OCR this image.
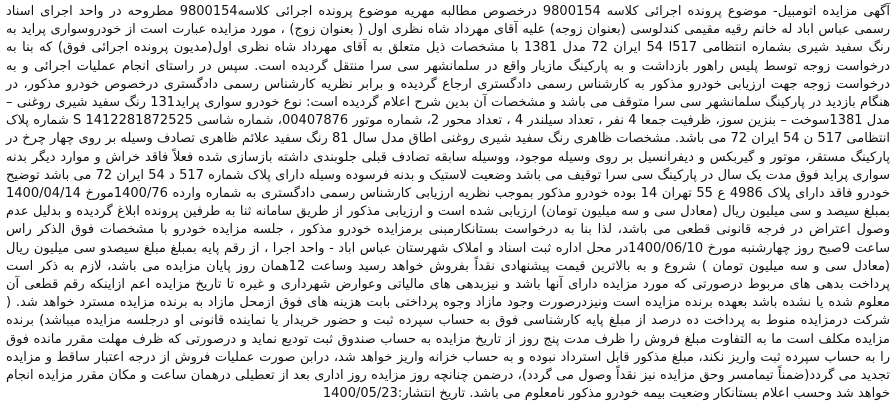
آگهی مزایده اتومبیل- موضوع پرونده اجرائی کلاسه 9800154 درخصوص مطالبه مهریه موضوع پرونده اجرائی کلاسه9800154 مطروحه در واحد اجرای اسناد رسمی عباس اباد له خانم رقیه مقیمی کندلوسی (بعنوان زوجه) علیه آقای مهرداد شاه نظری اول ( بعنوان زوج) ، مورد مزایده عبارت است از خودروسواری پراید به رنگ سفید شیری بشماره انتظامی 517ا 54 ایران 72 مدل 1381 با مشخصات ذیل متعلق به آقای مهرداد شاه نظری اول(مدیون پرونده اجرائی فوق) که بنا به درخواست زوجه توسط پلیس راهور بازداشت و به پارکینگ مازیار واقع در سلمانشهر سی سرا منتقل گردیده است. سپس در راستای انجام عملیات اجرائی و به درخواست زوجه جهت ارزیابی خودرو مذکور به کارشناس رسمی دادگستری ارجاع گردیده و برابر نظریه کارشناس رسمی دادگستری درخصوص خودرو مذکور، در هنگام بازدید در پارکینگ سلمانشهر سی سرا متوقف می باشد و مشخصات آن بدین شرح اعلام گردیده است: نوع خودرو سواری پراید131 رنگ سفید شیری روغنی – مدل 1381سوخت – بنزین سوز، ظرفیت جمعا 4 نفر ، تعداد سیلندر 4 ، تعداد محور 2، شماره موتور 00407876، شماره شاسی S 1412281872525 شماره پلاک انتظامی 517 ن 54 ایران 72 می باشد. مشخصات ظاهری رنگ سفید شیری روغنی اطاق مدل سال 81 رنگ سفید علائم ظاهری تصادف وسیله بر روی چهار چرخ در پارکینگ مستقر، موتور و گیربکس و دیفرانسیل بر روی وسیله موجود، ووسیله سابقه تصادف قبلی جلوبندی داشته بازسازی شده فعلاً فاقد خراش و موارد دیگر بدنه سواری پراید فوق مدت یک سال در پارکینگ سی سرا توقیف می باشد وضعیت لاستیک و بدنه فرسوده وسیله دارای پلاک شماره 517 د 54 ایران 72 می باشد توضیح خودرو فاقد دارای پلاک 4986 ع 55 تهران 14 بوده خودرو مذکور بموجب نظریه ارزیابی کارشناس رسمی دادگستری به شماره وارده 1400/76مورخ 1400/04/14 بمبلغ سیصد و سی میلیون ریال (معادل سی و سه میلیون تومان) ارزیابی شده است و ارزیابی مذکور از طریق سامانه ثنا به طرفین پرونده ابلاغ گردیده و بدلیل عدم وصول اعتراض در فرجه قانونی قطعی می باشد، لذا بنا به درخواست بستانکارمبنی برمزایده خودرو مذکور ، جلسه مزایده خودرو با مشخصات فوق الذکر راس ساعت 9صبح روز چهارشنبه مورخ 1400/06/10در محل اداره ثبت اسناد و املاک شهرستان عباس اباد - واحد اجرا ، از رقم پایه بمبلغ مبلغ سیصدو سی میلیون ریال (معادل سی و سه میلیون تومان ) شروع و به بالاترین قیمت پیشنهادی نقداً بفروش خواهد رسید وساعت 12همان روز پایان مزایده می باشد، لازم به ذکر است پرداخت بدهی های مربوط درصورتی که مورد مزایده دارای آنها باشد و نیزبدهی های مالیاتی وعوارض شهرداری و غیره تا تاریخ مزایده اعم ازاینکه رقم قطعی آن معلوم شده یا نشده باشد بعهده برنده مزایده است ونیزدرصورت وجود مازاد وجوه پرداختی بابت هزینه های فوق ازمحل مازاد به برنده مزایده مسترد خواهد شد. ( شرکت درمزایده منوط به پرداخت ده درصد از مبلغ پایه کارشناسی فوق به حساب سپرده ثبت و حضور خریدار یا نماینده قانونی او درجلسه مزایده میباشد) برنده مزایده مکلف است ما به التفاوت مبلغ فروش را ظرف مدت پنج روز از تاریخ مزایده به حساب صندوق ثبت تودیع نماید و درصورتی که ظرف مهلت مقرر مانده فوق را به حساب سپرده ثبت واریز نکند، مبلغ مذکور قابل استرداد نبوده و به حساب خزانه واریز خواهد شد، درابن صورت عملیات فروش از درجه اعتبار ساقط و مزایده تجدید می گردد(ضمناً تیمامسر وحق مزایده نیز نقداً وصول می گردد)، درضمن چنانچه روز مزایده روز اداری بعد از تعطیلی درهمان ساعت و مکان مقرر مزایده انجام خواهد شد وحسب اعلام بستانکار وضعیت بیمه خودرو مذکور نامعلوم می باشد. تاریخ انتشار:1400/05/23
